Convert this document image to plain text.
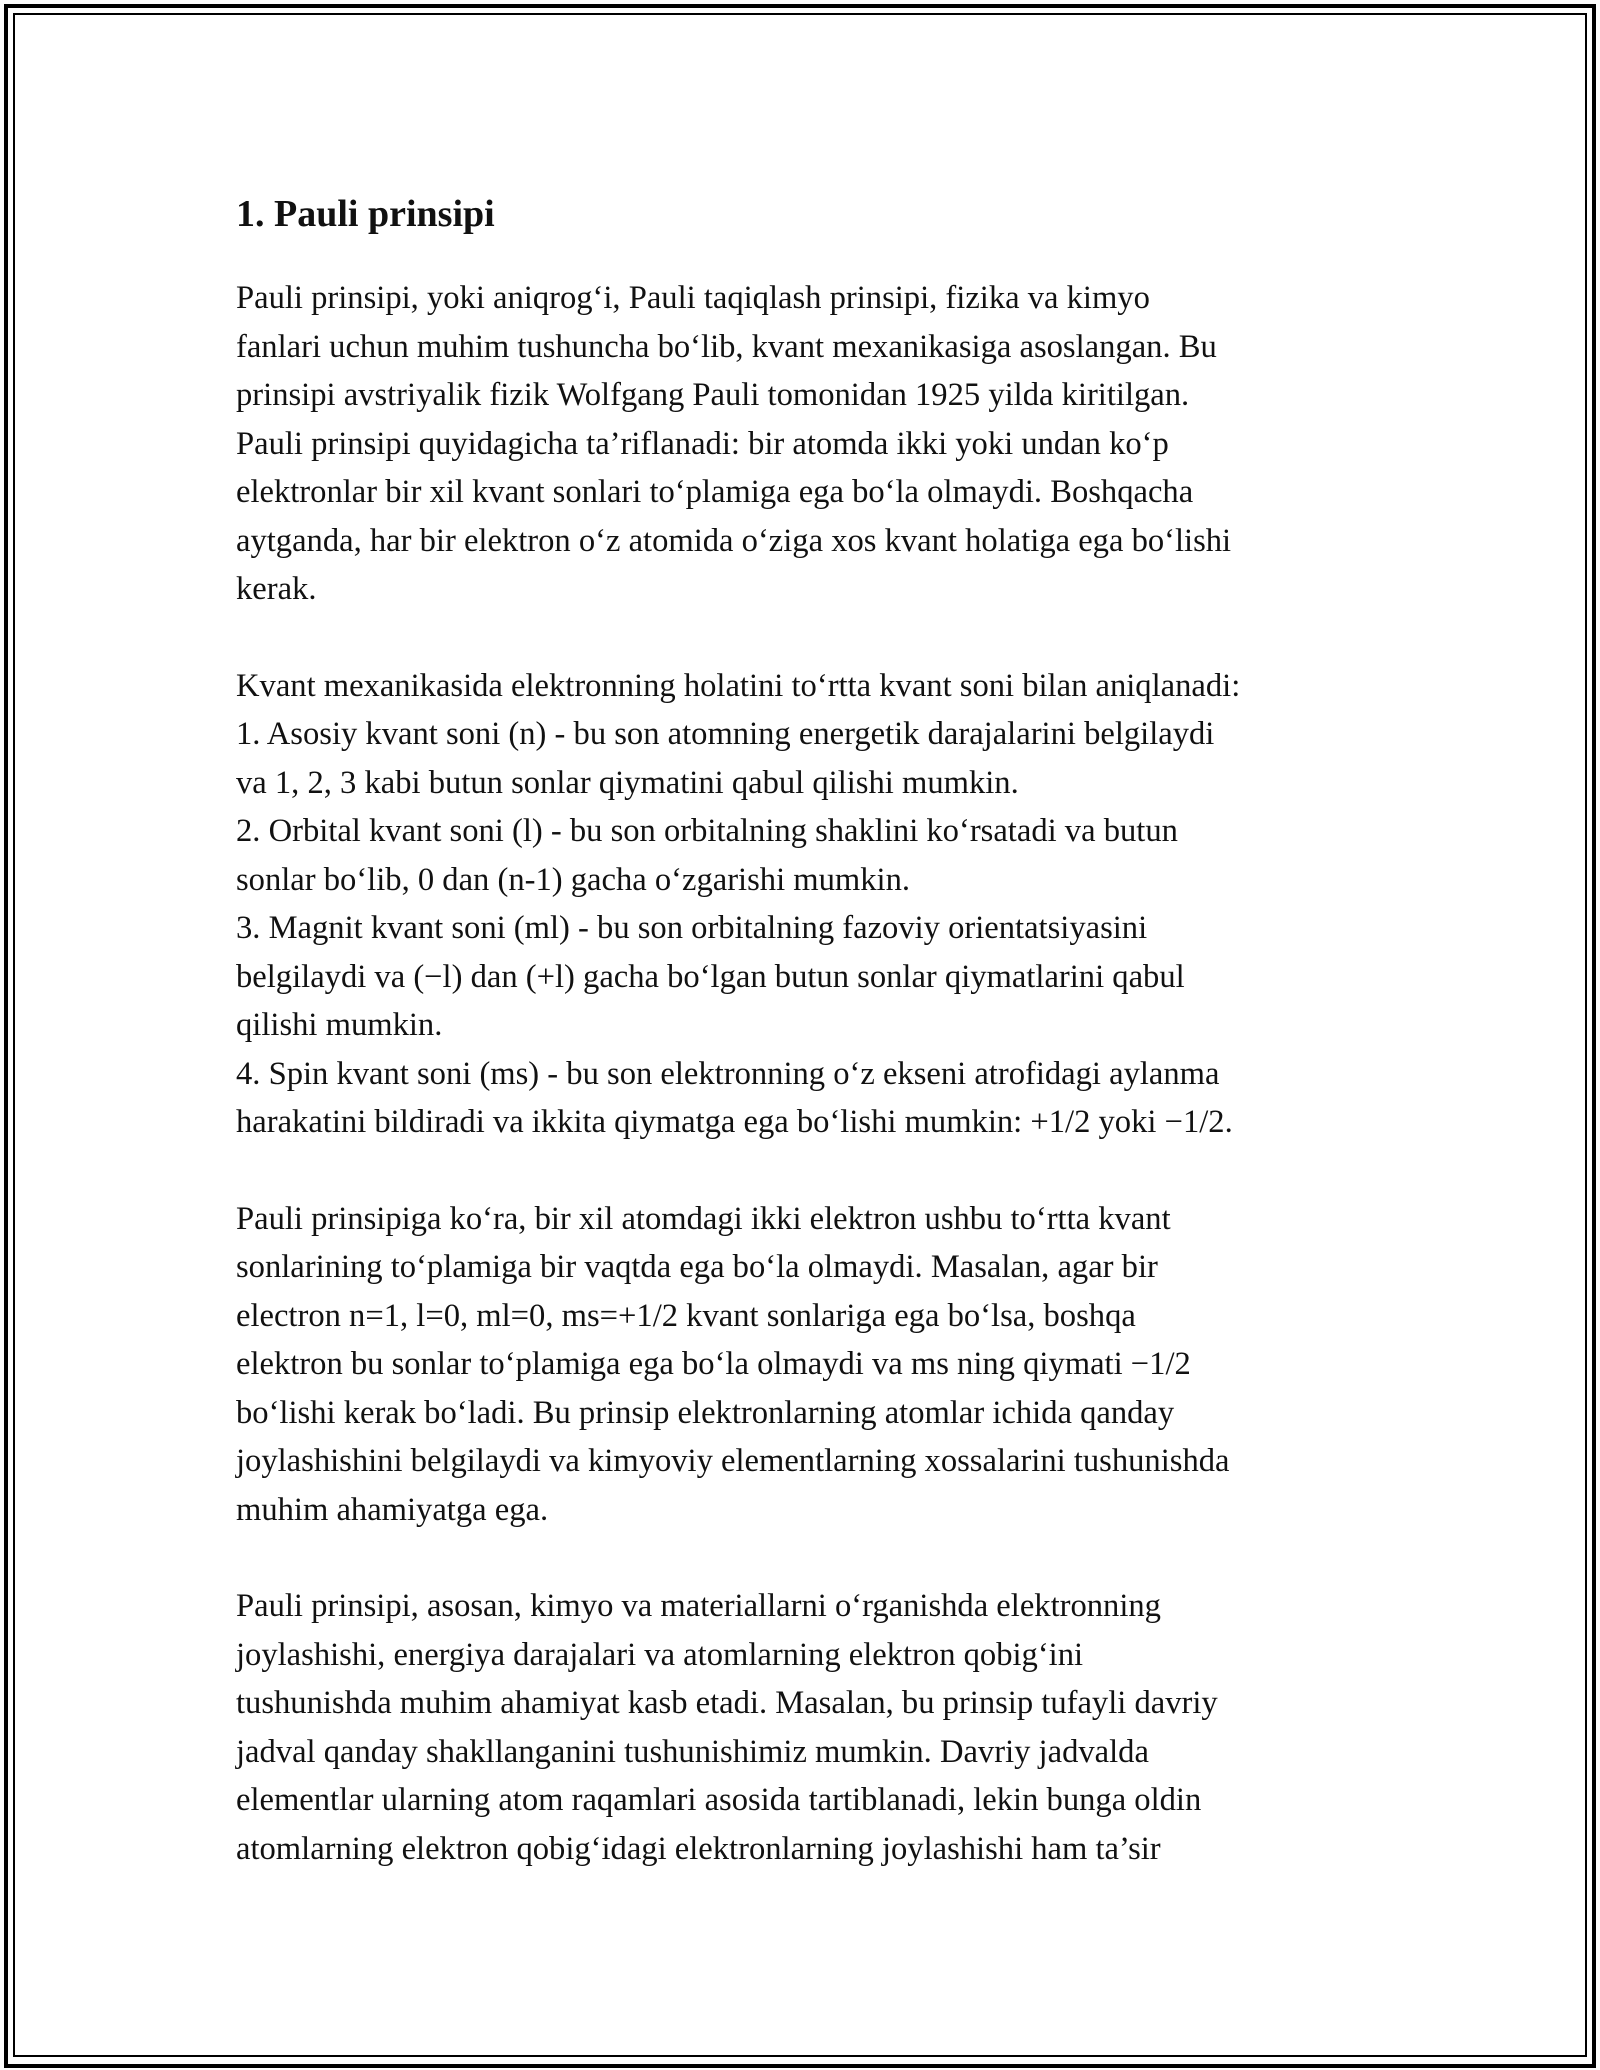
1. Pauli prinsipi

Pauli prinsipi, yoki aniqrog‘i, Pauli taqiqlash prinsipi, fizika va kimyo
fanlari uchun muhim tushuncha bo‘lib, kvant mexanikasiga asoslangan. Bu
prinsipi avstriyalik fizik Wolfgang Pauli tomonidan 1925 yilda kiritilgan.
Pauli prinsipi quyidagicha ta’riflanadi: bir atomda ikki yoki undan ko‘p
elektronlar bir xil kvant sonlari to‘plamiga ega bo‘la olmaydi. Boshqacha
aytganda, har bir elektron o‘z atomida o‘ziga xos kvant holatiga ega bo‘lishi
kerak.

Kvant mexanikasida elektronning holatini to‘rtta kvant soni bilan aniqlanadi:
1. Asosiy kvant soni (n) - bu son atomning energetik darajalarini belgilaydi
va 1, 2, 3 kabi butun sonlar qiymatini qabul qilishi mumkin.
2. Orbital kvant soni (l) - bu son orbitalning shaklini ko‘rsatadi va butun
sonlar bo‘lib, 0 dan (n-1) gacha o‘zgarishi mumkin.
3. Magnit kvant soni (ml) - bu son orbitalning fazoviy orientatsiyasini
belgilaydi va (−l) dan (+l) gacha bo‘lgan butun sonlar qiymatlarini qabul
qilishi mumkin.
4. Spin kvant soni (ms) - bu son elektronning o‘z ekseni atrofidagi aylanma
harakatini bildiradi va ikkita qiymatga ega bo‘lishi mumkin: +1/2 yoki −1/2.

Pauli prinsipiga ko‘ra, bir xil atomdagi ikki elektron ushbu to‘rtta kvant
sonlarining to‘plamiga bir vaqtda ega bo‘la olmaydi. Masalan, agar bir
electron n=1, l=0, ml=0, ms=+1/2 kvant sonlariga ega bo‘lsa, boshqa
elektron bu sonlar to‘plamiga ega bo‘la olmaydi va ms ning qiymati −1/2
bo‘lishi kerak bo‘ladi. Bu prinsip elektronlarning atomlar ichida qanday
joylashishini belgilaydi va kimyoviy elementlarning xossalarini tushunishda
muhim ahamiyatga ega.

Pauli prinsipi, asosan, kimyo va materiallarni o‘rganishda elektronning
joylashishi, energiya darajalari va atomlarning elektron qobig‘ini
tushunishda muhim ahamiyat kasb etadi. Masalan, bu prinsip tufayli davriy
jadval qanday shakllanganini tushunishimiz mumkin. Davriy jadvalda
elementlar ularning atom raqamlari asosida tartiblanadi, lekin bunga oldin
atomlarning elektron qobig‘idagi elektronlarning joylashishi ham ta’sir
